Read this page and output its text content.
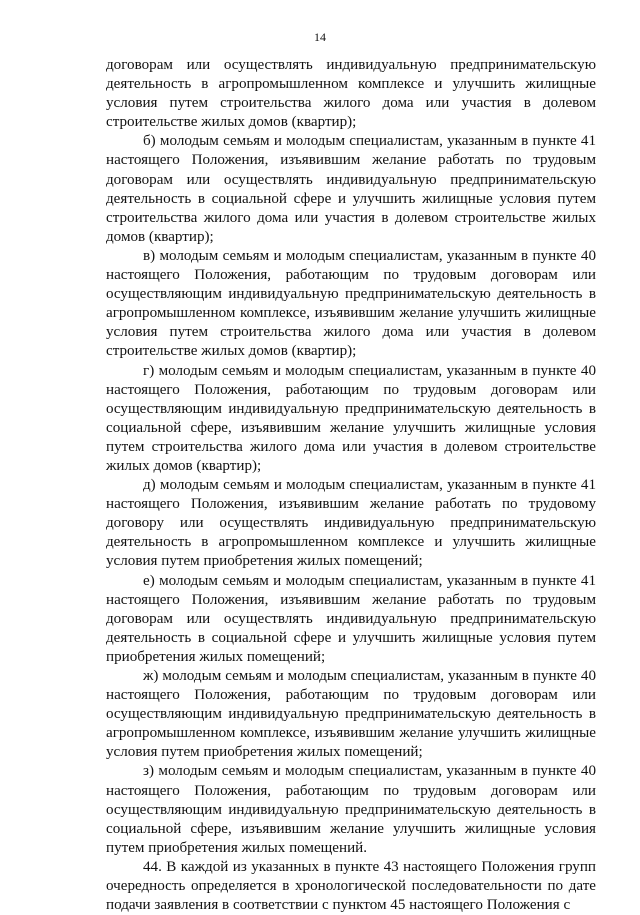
14

договорам или осуществлять индивидуальную предпринимательскую деятельность в агропромышленном комплексе и улучшить жилищные условия путем строительства жилого дома или участия в долевом строительстве жилых домов (квартир);

б) молодым семьям и молодым специалистам, указанным в пункте 41 настоящего Положения, изъявившим желание работать по трудовым договорам или осуществлять индивидуальную предпринимательскую деятельность в социальной сфере и улучшить жилищные условия путем строительства жилого дома или участия в долевом строительстве жилых домов (квартир);

в) молодым семьям и молодым специалистам, указанным в пункте 40 настоящего Положения, работающим по трудовым договорам или осуществляющим индивидуальную предпринимательскую деятельность в агропромышленном комплексе, изъявившим желание улучшить жилищные условия путем строительства жилого дома или участия в долевом строительстве жилых домов (квартир);

г) молодым семьям и молодым специалистам, указанным в пункте 40 настоящего Положения, работающим по трудовым договорам или осуществляющим индивидуальную предпринимательскую деятельность в социальной сфере, изъявившим желание улучшить жилищные условия путем строительства жилого дома или участия в долевом строительстве жилых домов (квартир);

д) молодым семьям и молодым специалистам, указанным в пункте 41 настоящего Положения, изъявившим желание работать по трудовому договору или осуществлять индивидуальную предпринимательскую деятельность в агропромышленном комплексе и улучшить жилищные условия путем приобретения жилых помещений;

е) молодым семьям и молодым специалистам, указанным в пункте 41 настоящего Положения, изъявившим желание работать по трудовым договорам или осуществлять индивидуальную предпринимательскую деятельность в социальной сфере и улучшить жилищные условия путем приобретения жилых помещений;

ж) молодым семьям и молодым специалистам, указанным в пункте 40 настоящего Положения, работающим по трудовым договорам или осуществляющим индивидуальную предпринимательскую деятельность в агропромышленном комплексе, изъявившим желание улучшить жилищные условия путем приобретения жилых помещений;

з) молодым семьям и молодым специалистам, указанным в пункте 40 настоящего Положения, работающим по трудовым договорам или осуществляющим индивидуальную предпринимательскую деятельность в социальной сфере, изъявившим желание улучшить жилищные условия путем приобретения жилых помещений.

44. В каждой из указанных в пункте 43 настоящего Положения групп очередность определяется в хронологической последовательности по дате подачи заявления в соответствии с пунктом 45 настоящего Положения с
